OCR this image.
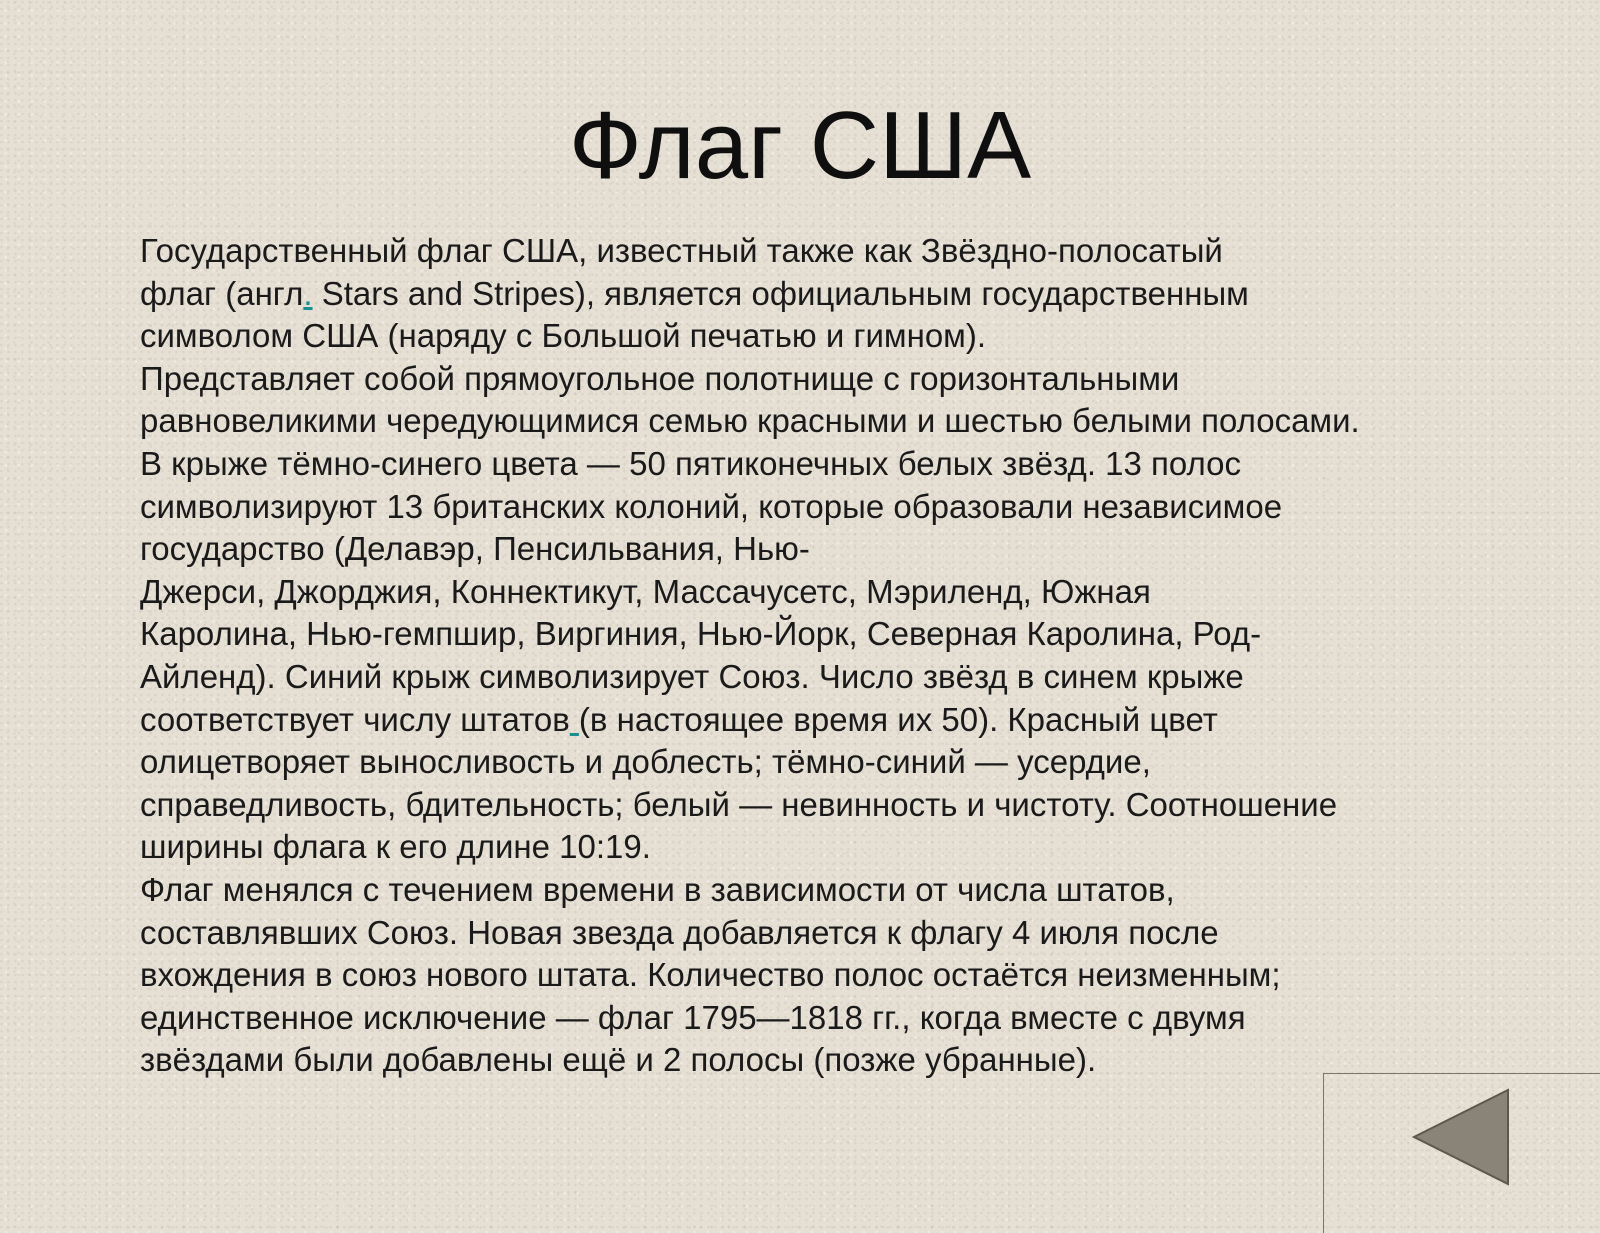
Флаг США
Государственный флаг США, известный также как Звёздно-полосатый
флаг (англ. Stars and Stripes), является официальным государственным
символом США (наряду с Большой печатью и гимном).
Представляет собой прямоугольное полотнище с горизонтальными
равновеликими чередующимися семью красными и шестью белыми полосами.
В крыже тёмно-синего цвета — 50 пятиконечных белых звёзд. 13 полос
символизируют 13 британских колоний, которые образовали независимое
государство (Делавэр, Пенсильвания, Нью-
Джерси, Джорджия, Коннектикут, Массачусетс, Мэриленд, Южная
Каролина, Нью-гемпшир, Виргиния, Нью-Йорк, Северная Каролина, Род-
Айленд). Синий крыж символизирует Союз. Число звёзд в синем крыже
соответствует числу штатов (в настоящее время их 50). Красный цвет
олицетворяет выносливость и доблесть; тёмно-синий — усердие,
справедливость, бдительность; белый — невинность и чистоту. Соотношение
ширины флага к его длине 10:19.
Флаг менялся с течением времени в зависимости от числа штатов,
составлявших Союз. Новая звезда добавляется к флагу 4 июля после
вхождения в союз нового штата. Количество полос остаётся неизменным;
единственное исключение — флаг 1795—1818 гг., когда вместе с двумя
звёздами были добавлены ещё и 2 полосы (позже убранные).
